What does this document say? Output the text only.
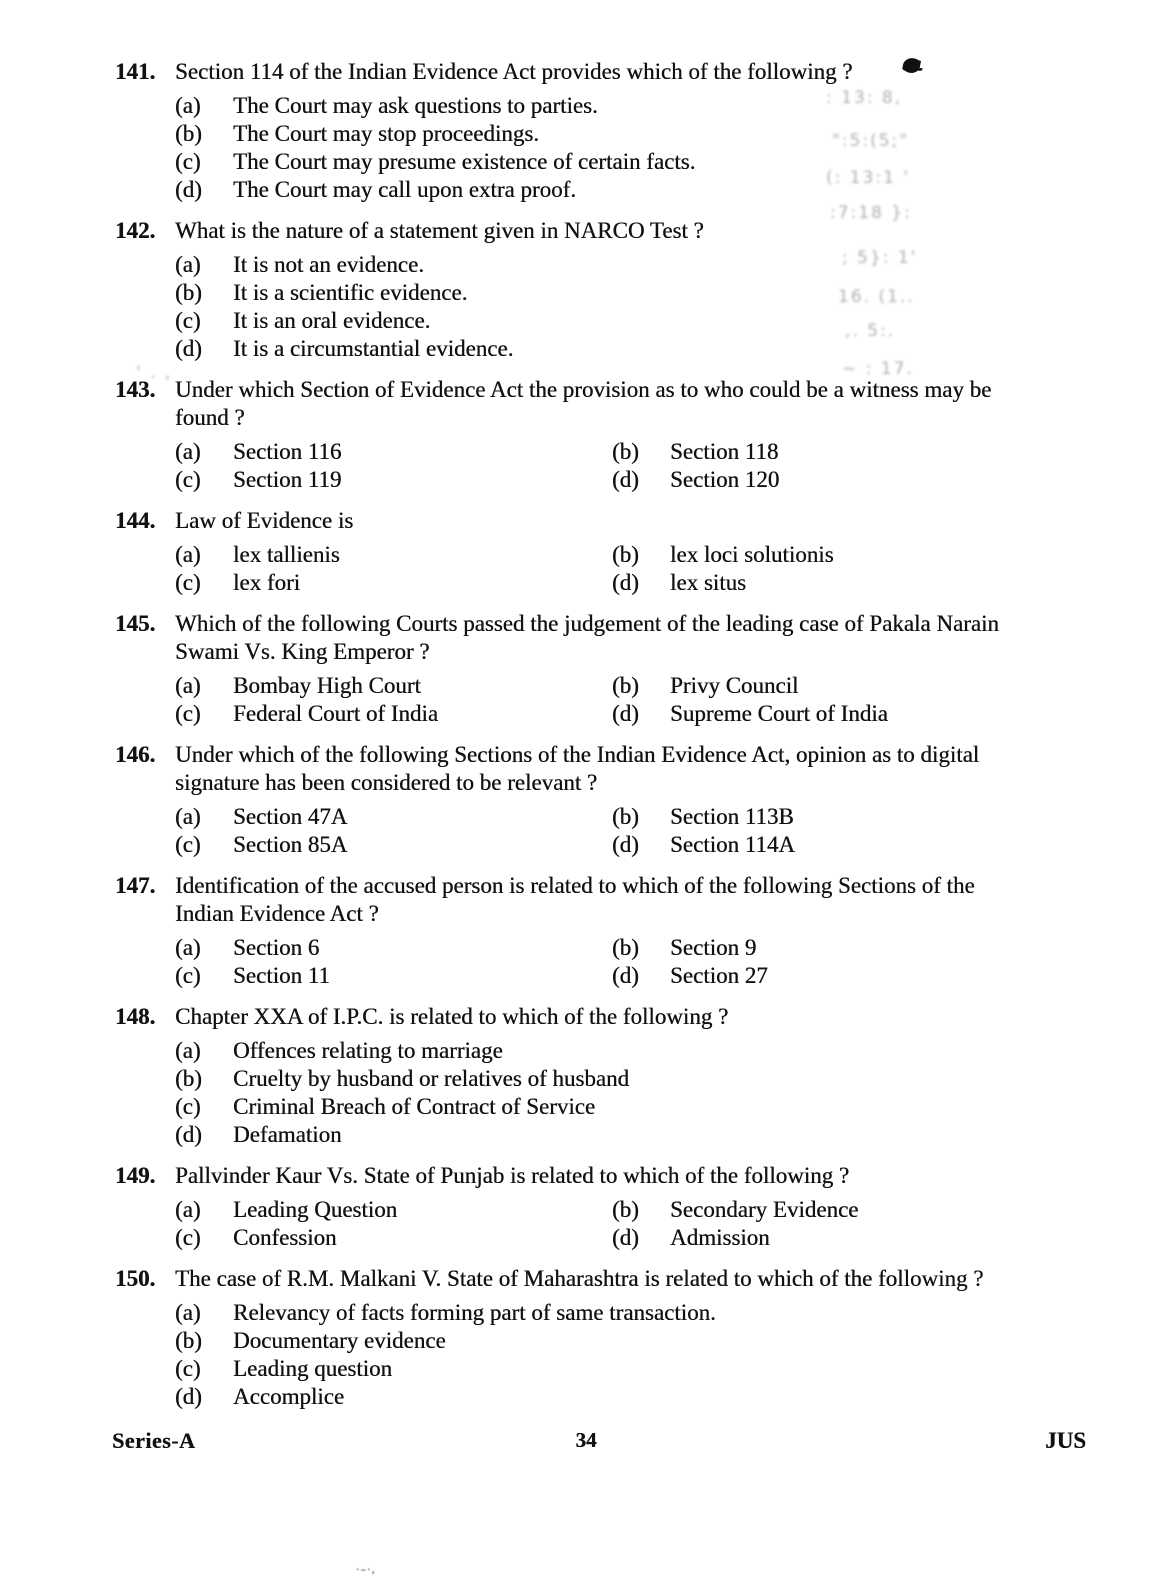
141. Section 114 of the Indian Evidence Act provides which of the following ?
(a)	The Court may ask questions to parties.
(b)	The Court may stop proceedings.
(c)	The Court may presume existence of certain facts.
(d)	The Court may call upon extra proof.
142. What is the nature of a statement given in NARCO Test ?
(a)	It is not an evidence.
(b)	It is a scientific evidence.
(c)	It is an oral evidence.
(d)	It is a circumstantial evidence.
143. Under which Section of Evidence Act the provision as to who could be a witness may be
found ?
(a)	Section 116	(b)	Section 118
(c)	Section 119	(d)	Section 120
144. Law of Evidence is
(a)	lex tallienis	(b)	lex loci solutionis
(c)	lex fori	(d)	lex situs
145. Which of the following Courts passed the judgement of the leading case of Pakala Narain
Swami Vs. King Emperor ?
(a)	Bombay High Court	(b)	Privy Council
(c)	Federal Court of India	(d)	Supreme Court of India
146. Under which of the following Sections of the Indian Evidence Act, opinion as to digital
signature has been considered to be relevant ?
(a)	Section 47A	(b)	Section 113B
(c)	Section 85A	(d)	Section 114A
147. Identification of the accused person is related to which of the following Sections of the
Indian Evidence Act ?
(a)	Section 6	(b)	Section 9
(c)	Section 11	(d)	Section 27
148. Chapter XXA of I.P.C. is related to which of the following ?
(a)	Offences relating to marriage
(b)	Cruelty by husband or relatives of husband
(c)	Criminal Breach of Contract of Service
(d)	Defamation
149. Pallvinder Kaur Vs. State of Punjab is related to which of the following ?
(a)	Leading Question	(b)	Secondary Evidence
(c)	Confession	(d)	Admission
150. The case of R.M. Malkani V. State of Maharashtra is related to which of the following ?
(a)	Relevancy of facts forming part of same transaction.
(b)	Documentary evidence
(c)	Leading question
(d)	Accomplice
Series-A	34	JUS
: 13: 8,
":5:(5;"
(: 13:1 '
:7:18 }:
; 5}: 1'
16. (1..
,. 5:.
~ : 17.
' . ,
·–·,
